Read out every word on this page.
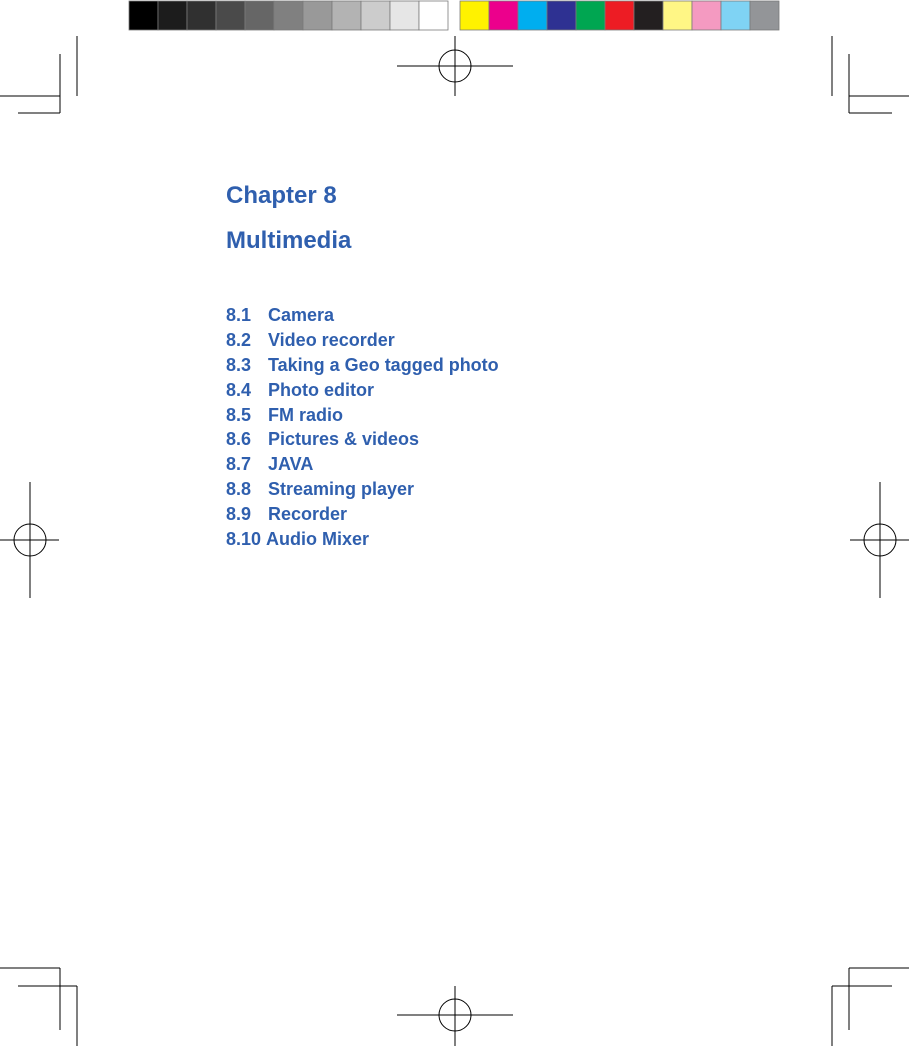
Chapter 8
Multimedia
8.1 Camera
8.2 Video recorder
8.3 Taking a Geo tagged photo
8.4 Photo editor
8.5 FM radio
8.6 Pictures & videos
8.7 JAVA
8.8 Streaming player
8.9 Recorder
8.10 Audio Mixer
